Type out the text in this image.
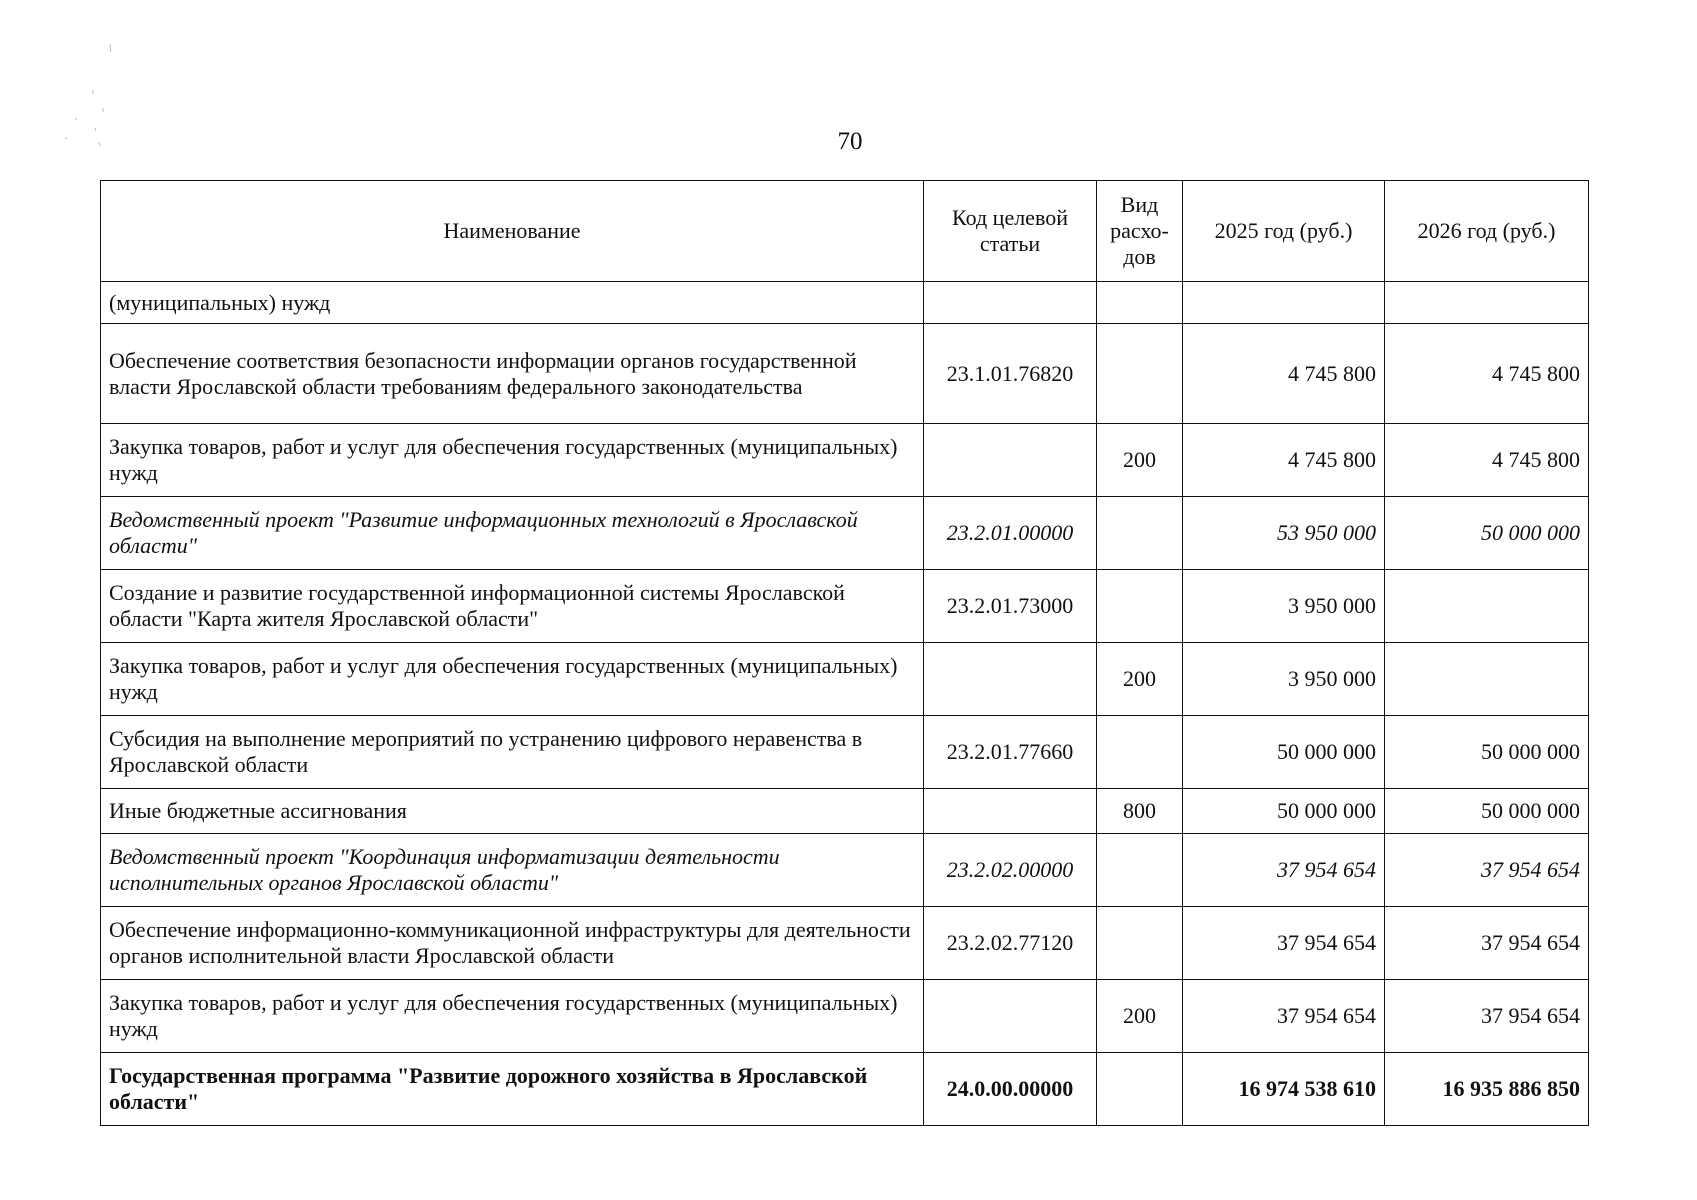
70
Наименование	Код целевой статьи	Вид расхо-дов	2025 год (руб.)	2026 год (руб.)
(муниципальных) нужд				
Обеспечение соответствия безопасности информации органов государственной власти Ярославской области требованиям федерального законодательства	23.1.01.76820		4 745 800	4 745 800
Закупка товаров, работ и услуг для обеспечения государственных (муниципальных) нужд		200	4 745 800	4 745 800
Ведомственный проект "Развитие информационных технологий в Ярославской области"	23.2.01.00000		53 950 000	50 000 000
Создание и развитие государственной информационной системы Ярославской области "Карта жителя Ярославской области"	23.2.01.73000		3 950 000	
Закупка товаров, работ и услуг для обеспечения государственных (муниципальных) нужд		200	3 950 000	
Субсидия на выполнение мероприятий по устранению цифрового неравенства в Ярославской области	23.2.01.77660		50 000 000	50 000 000
Иные бюджетные ассигнования		800	50 000 000	50 000 000
Ведомственный проект "Координация информатизации деятельности исполнительных органов Ярославской области"	23.2.02.00000		37 954 654	37 954 654
Обеспечение информационно-коммуникационной инфраструктуры для деятельности органов исполнительной власти Ярославской области	23.2.02.77120		37 954 654	37 954 654
Закупка товаров, работ и услуг для обеспечения государственных (муниципальных) нужд		200	37 954 654	37 954 654
Государственная программа "Развитие дорожного хозяйства в Ярославской области"	24.0.00.00000		16 974 538 610	16 935 886 850
